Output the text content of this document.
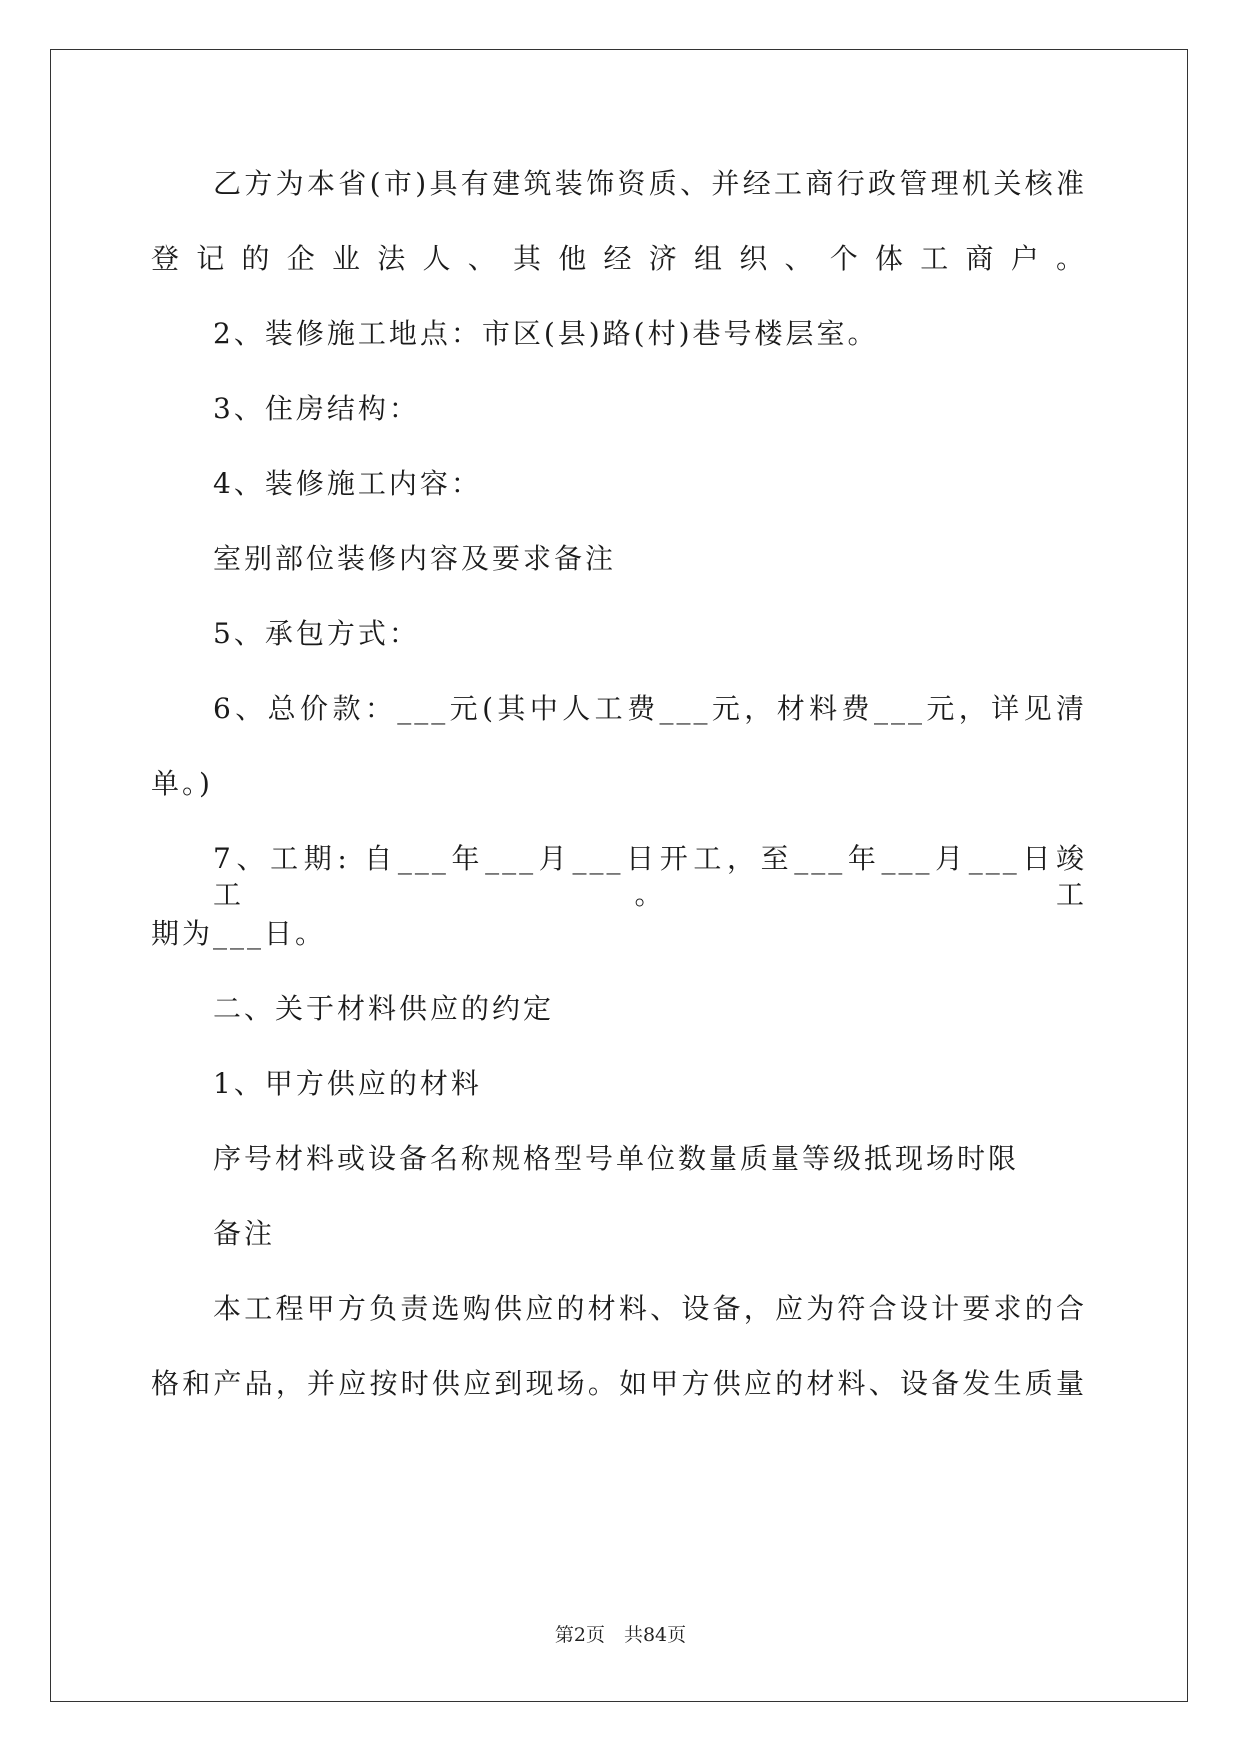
乙方为本省(市)具有建筑装饰资质、并经工商行政管理机关核准
登记的企业法人、其他经济组织、个体工商户。
2、装修施工地点：市区(县)路(村)巷号楼层室。
3、住房结构：
4、装修施工内容：
室别部位装修内容及要求备注
5、承包方式：
6、总价款：___元(其中人工费___元，材料费___元，详见清
单。)
7、工期: 自___年___月___日开工，至___年___月___日竣工。工
期为___日。
二、关于材料供应的约定
1、甲方供应的材料
序号材料或设备名称规格型号单位数量质量等级抵现场时限
备注
本工程甲方负责选购供应的材料、设备，应为符合设计要求的合
格和产品，并应按时供应到现场。如甲方供应的材料、设备发生质量
第2页　共84页
